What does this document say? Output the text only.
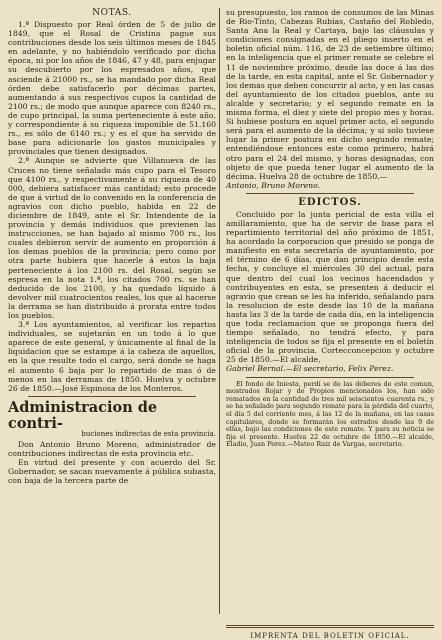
NOTAS.

1.ª Dispuesto por Real órden de 5 de julio de 1849, que el Rosal de Cristina pague sus contribuciones desde los seis últimos meses de 1845 en adelante, y no habiéndolo verificado por dicha época, ni por los años de 1846, 47 y 48, para enjugar su descubierto por los espresados años, que asciende á 21000 rs., se ha mandado por dicha Real órden debe satisfacerlo por décimas partes, aumentando á sus respectivos cupos la cantidad de 2100 rs.; de modo que aunque aparece con 8240 rs., de cupo principal, la suma perteneciente á este año, y correspondiente á su riqueza imponible de 51.160 rs., es sólo de 6140 rs.; y es el que ha servido de base para adicionarle los gastos municipales y provinciales que tienen designados.

2.ª Aunque se advierte que Villanueva de las Cruces no tiene señalado más cupo para el Tesoro que 4100 rs., y respectivamente á su riqueza de 40 000, debiera satisfacer más cantidad; esto procede de que á virtud de lo convenido en la conferencia de agravios con dicho pueblo, habida en 22 de diciembre de 1849, ante el Sr. Intendente de la provincia y demás individuos que previenen las instrucciones, se han bajado al mismo 700 rs., los cuales debieron servir de aumento en proporción á los demas pueblos de la provincia; pero como por otra parte hubiera que hacerle á estos la baja perteneciente á los 2100 rs. del Rosal, según se espresa en la nota 1.ª, los citados 700 rs. se han deducido de los 2100, y ha quedado líquido á devolver mil cuatrocientos reales, los que al hacerse la derrama se han distribuido á prorata entre todos los pueblos.

3.ª Los ayuntamientos, al verificar los repartos individuales, se sujetarán en un todo á lo que aparece de este general, y únicamente al final de la liquidacion que se estampe á la cabeza de aquellos, en la que resulte todo el cargo, será donde se haga el aumento 6 baja por lo repartido de mas ó de menos en las derramas de 1850. Huelva y octubre 26 de 1850.—José Espinosa de los Monteros.

Administracion de contri-
buciones indirectas de esta provincia.

Don Antonio Bruno Moreno, administrador de contribuciones indirectas de esta provincia etc.

En virtud del presente y con acuerdo del Sr. Gobernador, se sacan nuevamente á pública subasta, con baja de la tercera parte de

su presupuesto, los ramos de consumos de las Minas de Rio-Tinto, Cabezas Rubias, Castaño del Robledo, Santa Ana la Real y Cartaya, bajo las cláusulas y condiciones consignadas en el pliego inserto en el boletin oficial núm. 116, de 23 de setiembre último; en la inteligencia que el primer remate se celebre el 11 de noviembre próximo, desde las doce á las dos de la tarde, en esta capital, ante el Sr. Gobernador y los demas que deben concurrir al acto, y en las casas del ayuntamiento de los citados pueblos, ante su alcalde y secretario; y el segundo remate en la misma forma, el diez y siete del propio mes y horas. Si hubiese postura en aquel primer acto, el segundo será para el aumento de la décima; y si solo tuviese lugar la primer postura en dicho segundo remate; entendiéndose entonces este como primero, habrá otro para el 24 del mismo, y horas designadas, con objeto de que pueda tener lugar el aumento de la décima. Huelva 28 de octubre de 1850.—

Antonio, Bruno Moreno.

EDICTOS.

Concluido por la junta pericial de esta villa el amillaramiento, que ha de servir de base para el repartimiento territorial del año próximo de 1851, ha acordado la corporacion que presido se ponga de manifiesto en esta secretaría de ayuntamiento, por el término de 6 días, que dan principio desde esta fecha, y concluye el miércoles 30 del actual, para que dentro del cual los vecinos hacendados y contribuyentes en esta, se presenten á deducir el agravio que crean se les ha inferido, señalando para la resolucion de este desde las 10 de la mañana hasta las 3 de la tarde de cada día, en la inteligencia que toda reclamacion que se proponga fuera del tiempo señalado, no tendrá efecto, y para inteligencia de todos se fija el presente en el boletín oficial de la provincia. Cortecconcepcion y octubre 25 de 1850.—El alcalde,

Gabriel Bernal.—El secretario, Felix Perez.

El fondo de Iniesta, perdí se de las deberes de este comun, mostrados Rojar y de Propios mencionados los, han sido rematados en la cantidad de tres mil seiscientos cuarenta rs., y se ha señalado para segundo remate para la pérdida del cuarto, el día 5 del corriente mes, á las 12 de la mañana, en las casas capitulares, donde se formarán los estrados desde las 9 de ellas, bajo las condiciones de este remate. Y para su noticia se fija el presente. Huelva 22 de octubre de 1850.—El alcalde, Eladio, Juan Perez.—Mateo Ruiz de Vargas, secretario.

IMPRENTA DEL BOLETIN OFICIAL.
